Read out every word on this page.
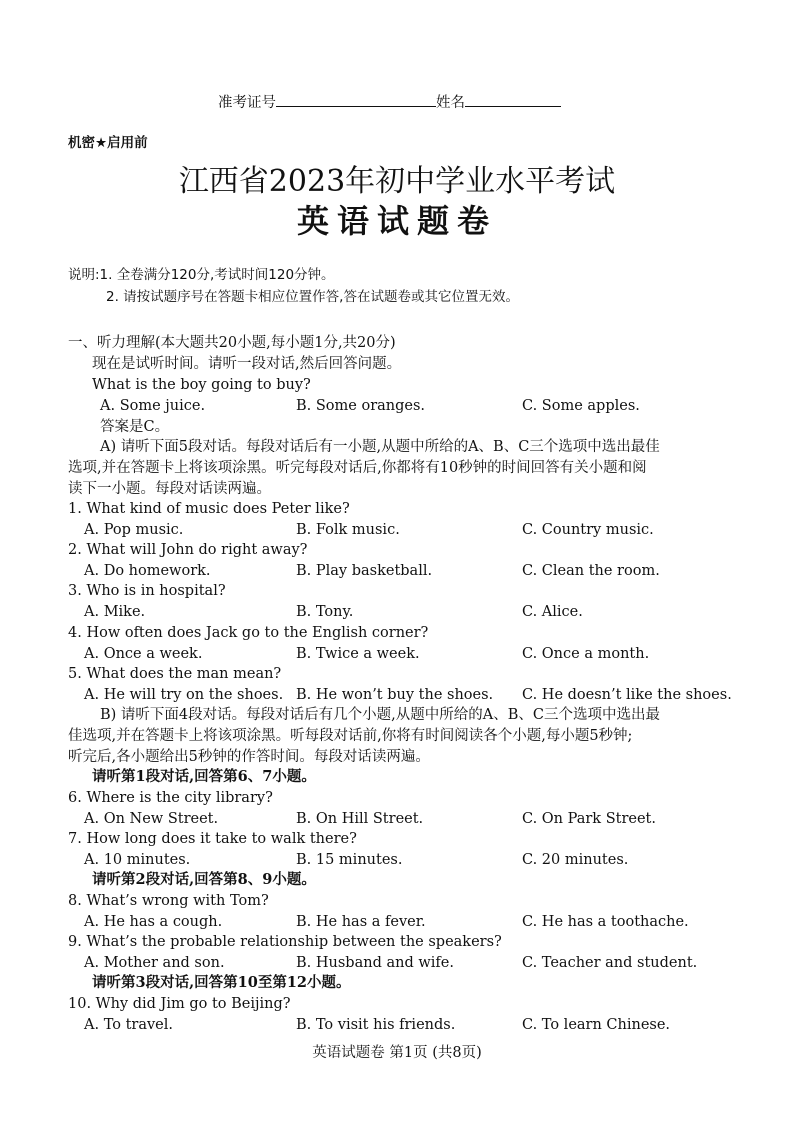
准考证号	姓名
机密★启用前
江西省2023年初中学业水平考试
英语试题卷
说明:1. 全卷满分120分,考试时间120分钟。
2. 请按试题序号在答题卡相应位置作答,答在试题卷或其它位置无效。
一、听力理解(本大题共20小题,每小题1分,共20分)
现在是试听时间。请听一段对话,然后回答问题。
What is the boy going to buy?
A. Some juice.	B. Some oranges.	C. Some apples.
答案是C。
A) 请听下面5段对话。每段对话后有一小题,从题中所给的A、B、C三个选项中选出最佳
选项,并在答题卡上将该项涂黑。听完每段对话后,你都将有10秒钟的时间回答有关小题和阅
读下一小题。每段对话读两遍。
1. What kind of music does Peter like?
A. Pop music.	B. Folk music.	C. Country music.
2. What will John do right away?
A. Do homework.	B. Play basketball.	C. Clean the room.
3. Who is in hospital?
A. Mike.	B. Tony.	C. Alice.
4. How often does Jack go to the English corner?
A. Once a week.	B. Twice a week.	C. Once a month.
5. What does the man mean?
A. He will try on the shoes. B. He won’t buy the shoes. C. He doesn’t like the shoes.
B) 请听下面4段对话。每段对话后有几个小题,从题中所给的A、B、C三个选项中选出最
佳选项,并在答题卡上将该项涂黑。听每段对话前,你将有时间阅读各个小题,每小题5秒钟;
听完后,各小题给出5秒钟的作答时间。每段对话读两遍。
请听第1段对话,回答第6、7小题。
6. Where is the city library?
A. On New Street.	B. On Hill Street.	C. On Park Street.
7. How long does it take to walk there?
A. 10 minutes.	B. 15 minutes.	C. 20 minutes.
请听第2段对话,回答第8、9小题。
8. What’s wrong with Tom?
A. He has a cough.	B. He has a fever.	C. He has a toothache.
9. What’s the probable relationship between the speakers?
A. Mother and son.	B. Husband and wife.	C. Teacher and student.
请听第3段对话,回答第10至第12小题。
10. Why did Jim go to Beijing?
A. To travel.	B. To visit his friends.	C. To learn Chinese.
英语试题卷 第1页 (共8页)
